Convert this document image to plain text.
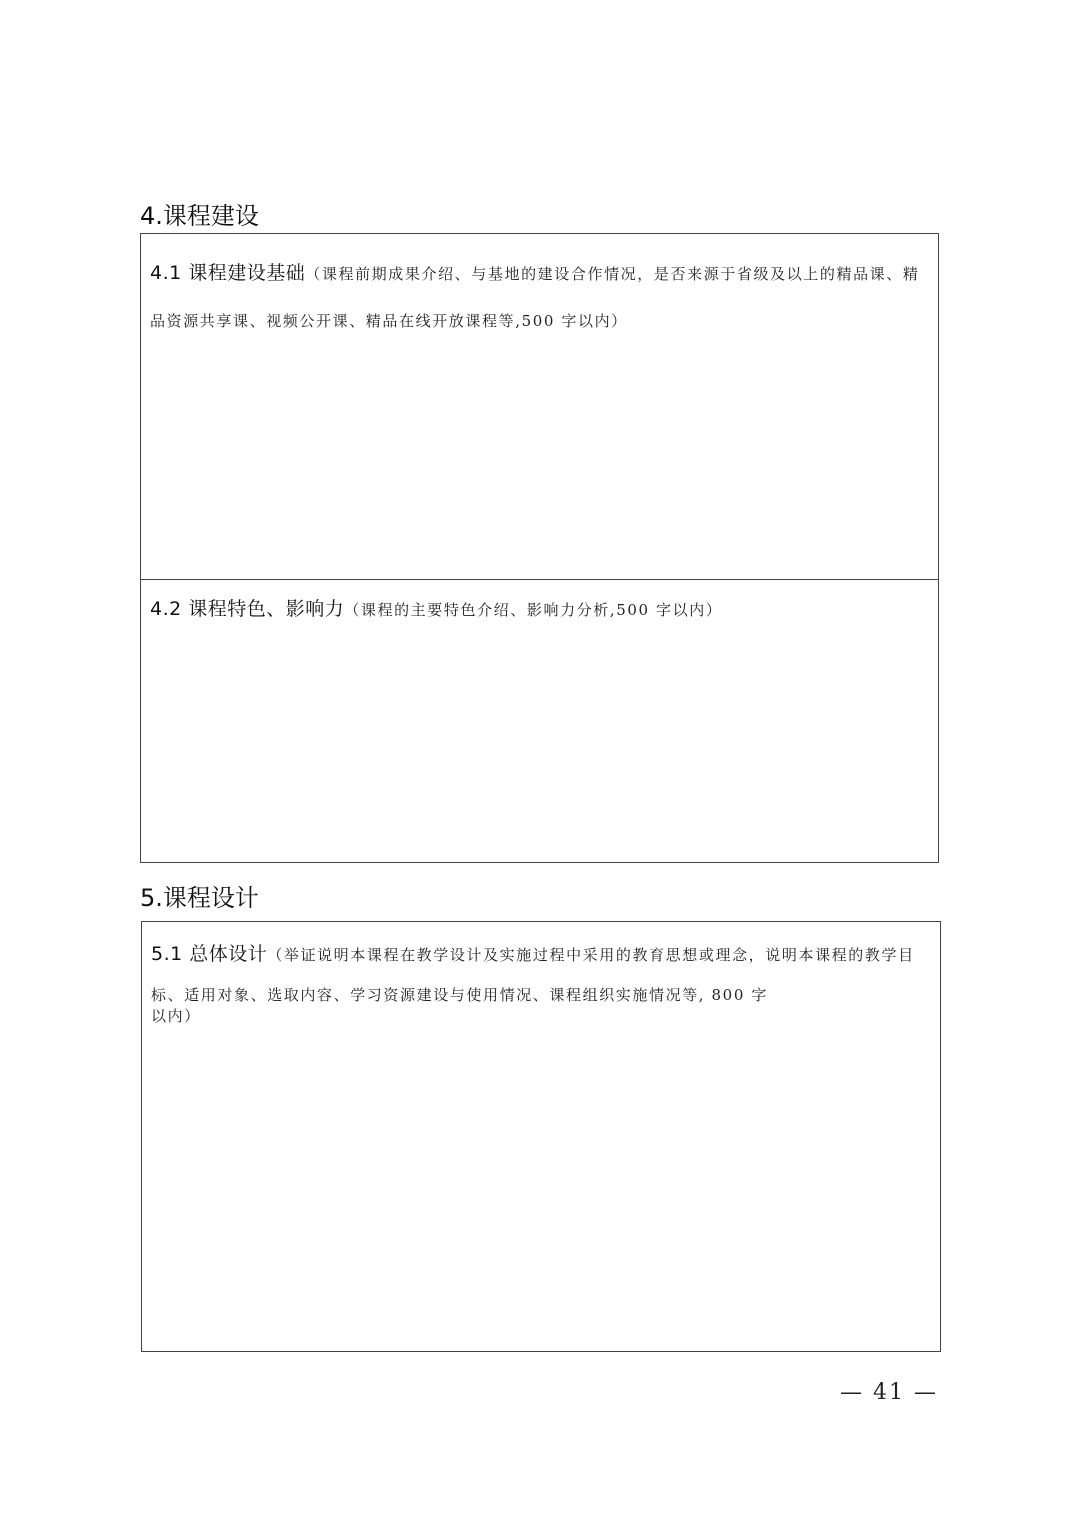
4.课程建设
4.1 课程建设基础（课程前期成果介绍、与基地的建设合作情况，是否来源于省级及以上的精品课、精品资源共享课、视频公开课、精品在线开放课程等,500 字以内）
4.2 课程特色、影响力（课程的主要特色介绍、影响力分析,500 字以内）
5.课程设计
5.1 总体设计（举证说明本课程在教学设计及实施过程中采用的教育思想或理念，说明本课程的教学目标、适用对象、选取内容、学习资源建设与使用情况、课程组织实施情况等, 800 字
以内）
— 41 —
